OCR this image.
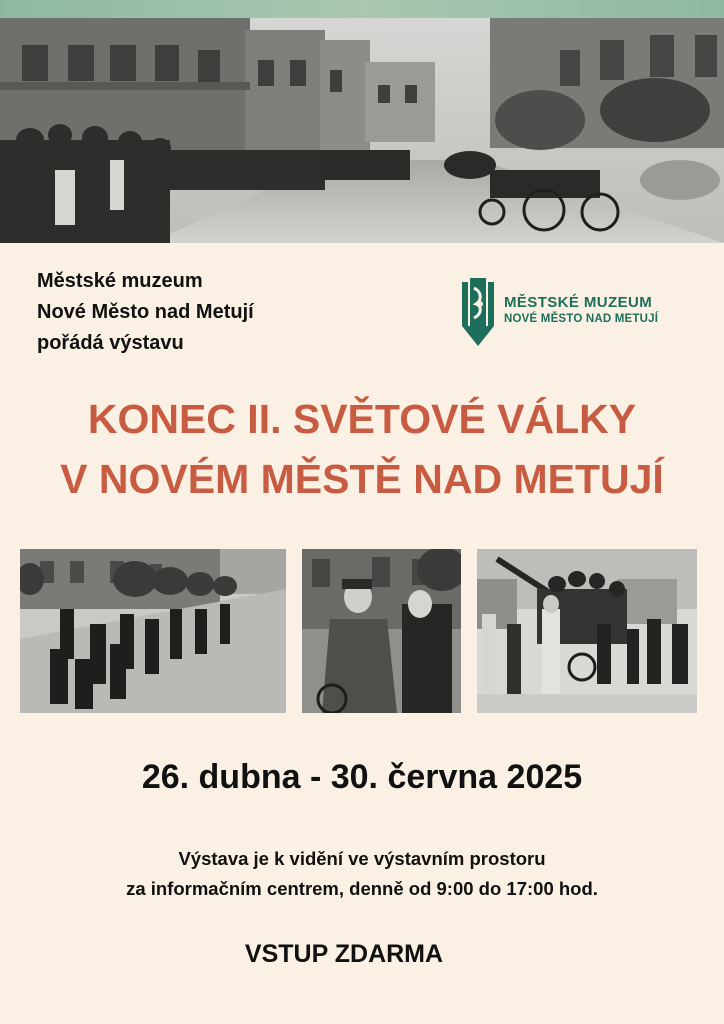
Městské muzeum
Nové Město nad Metují
pořádá výstavu
MĚSTSKÉ MUZEUM
NOVÉ MĚSTO NAD METUJÍ
KONEC II. SVĚTOVÉ VÁLKY
V NOVÉM MĚSTĚ NAD METUJÍ
26. dubna - 30. června 2025
Výstava je k vidění ve výstavním prostoru
za informačním centrem, denně od 9:00 do 17:00 hod.
VSTUP ZDARMA
